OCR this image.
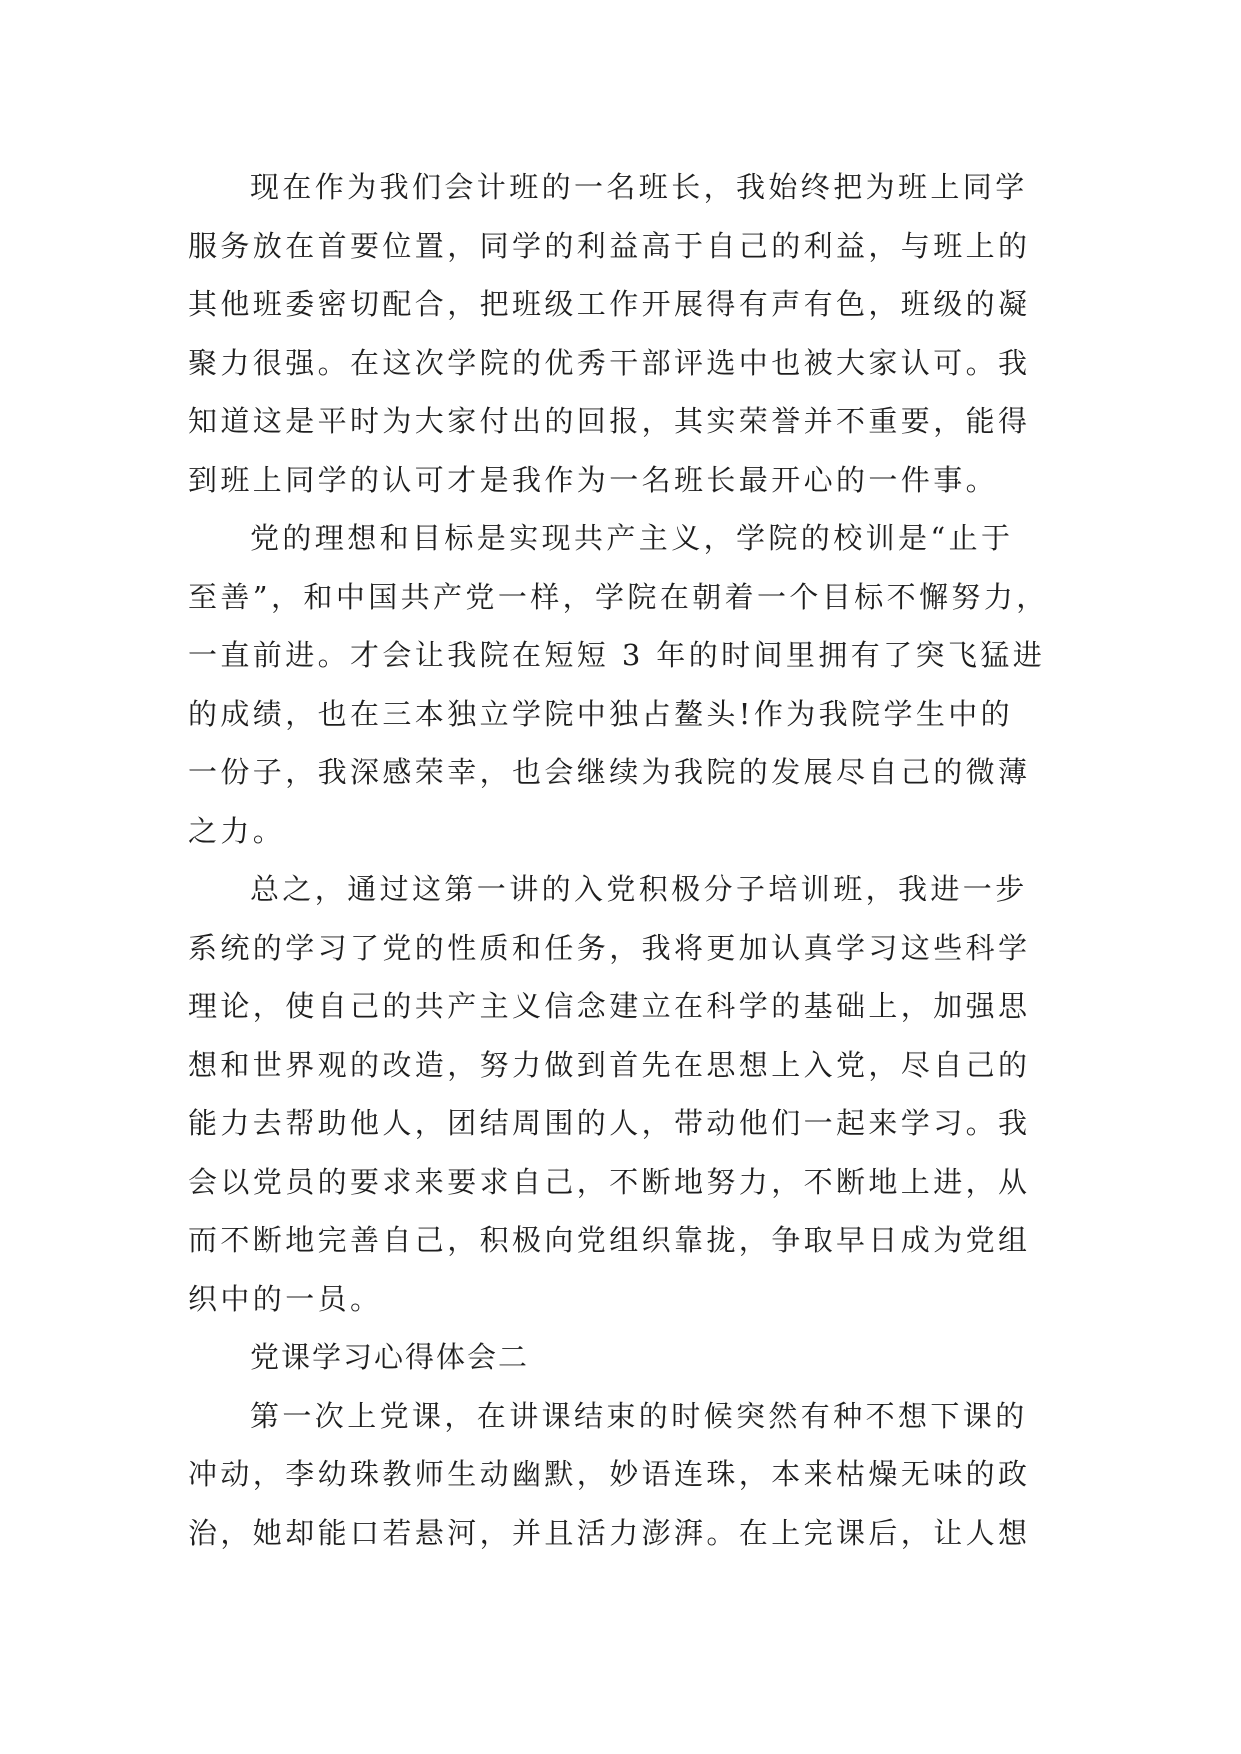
现在作为我们会计班的一名班长，我始终把为班上同学
服务放在首要位置，同学的利益高于自己的利益，与班上的
其他班委密切配合，把班级工作开展得有声有色，班级的凝
聚力很强。在这次学院的优秀干部评选中也被大家认可。我
知道这是平时为大家付出的回报，其实荣誉并不重要，能得
到班上同学的认可才是我作为一名班长最开心的一件事。
党的理想和目标是实现共产主义，学院的校训是“止于
至善”，和中国共产党一样，学院在朝着一个目标不懈努力，
一直前进。才会让我院在短短 3 年的时间里拥有了突飞猛进
的成绩，也在三本独立学院中独占鳌头!作为我院学生中的
一份子，我深感荣幸，也会继续为我院的发展尽自己的微薄
之力。
总之，通过这第一讲的入党积极分子培训班，我进一步
系统的学习了党的性质和任务，我将更加认真学习这些科学
理论，使自己的共产主义信念建立在科学的基础上，加强思
想和世界观的改造，努力做到首先在思想上入党，尽自己的
能力去帮助他人，团结周围的人，带动他们一起来学习。我
会以党员的要求来要求自己，不断地努力，不断地上进，从
而不断地完善自己，积极向党组织靠拢，争取早日成为党组
织中的一员。
党课学习心得体会二
第一次上党课，在讲课结束的时候突然有种不想下课的
冲动，李幼珠教师生动幽默，妙语连珠，本来枯燥无味的政
治，她却能口若悬河，并且活力澎湃。在上完课后，让人想
